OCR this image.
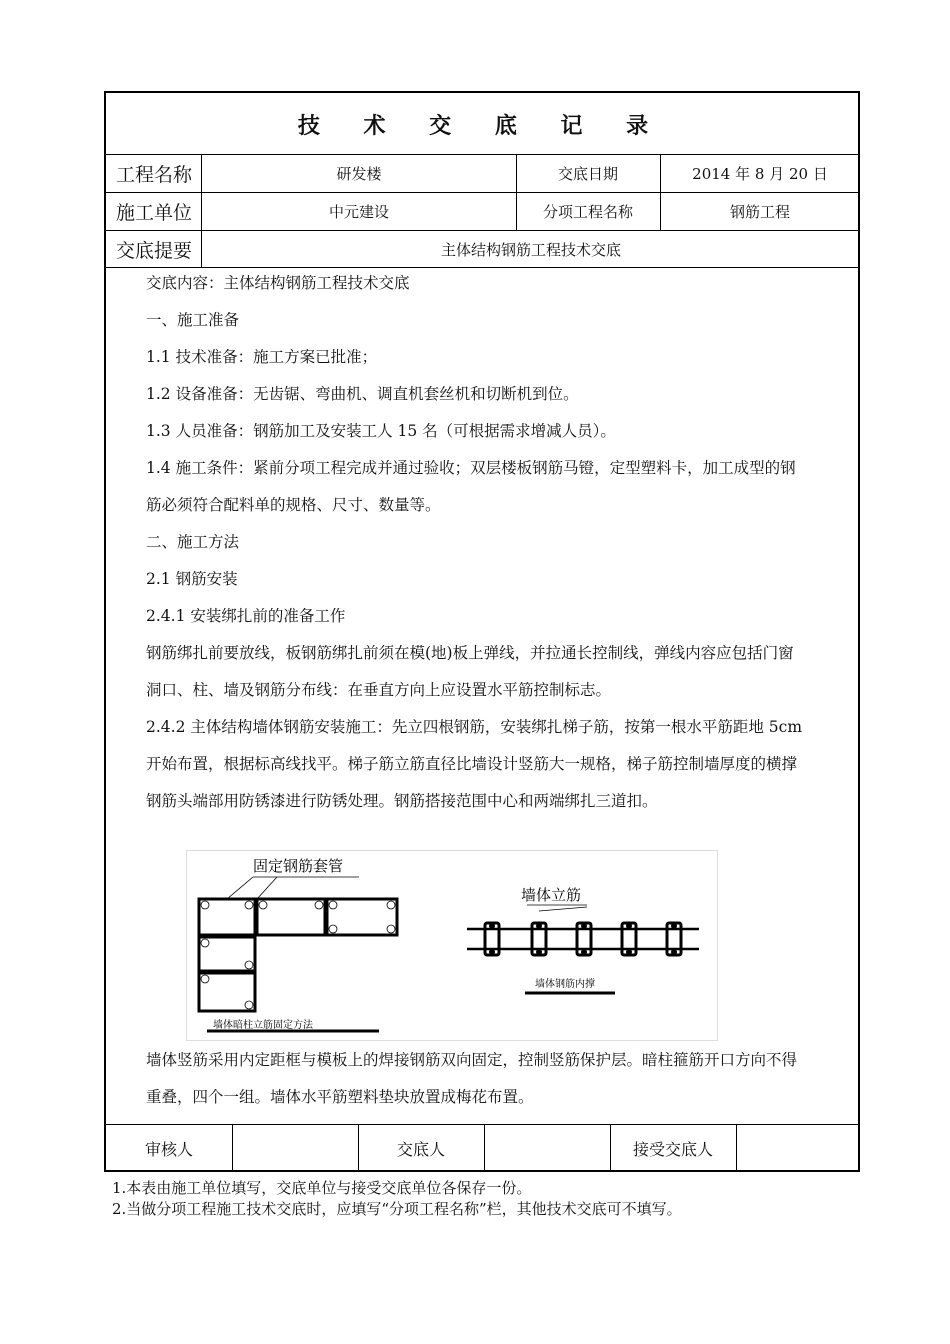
技 术 交 底 记 录
工程名称	研发楼	交底日期	2014 年 8 月 20 日
施工单位	中元建设	分项工程名称	钢筋工程
交底提要	主体结构钢筋工程技术交底

交底内容：主体结构钢筋工程技术交底

一、施工准备

1.1 技术准备：施工方案已批准；

1.2 设备准备：无齿锯、弯曲机、调直机套丝机和切断机到位。

1.3 人员准备：钢筋加工及安装工人 15 名（可根据需求增减人员）。

1.4 施工条件：紧前分项工程完成并通过验收；双层楼板钢筋马镫，定型塑料卡，加工成型的钢

筋必须符合配料单的规格、尺寸、数量等。

二、施工方法

2.1 钢筋安装

2.4.1 安装绑扎前的准备工作

钢筋绑扎前要放线，板钢筋绑扎前须在模(地)板上弹线，并拉通长控制线，弹线内容应包括门窗

洞口、柱、墙及钢筋分布线：在垂直方向上应设置水平筋控制标志。

2.4.2 主体结构墙体钢筋安装施工：先立四根钢筋，安装绑扎梯子筋，按第一根水平筋距地 5cm

开始布置，根据标高线找平。梯子筋立筋直径比墙设计竖筋大一规格，梯子筋控制墙厚度的横撑

钢筋头端部用防锈漆进行防锈处理。钢筋搭接范围中心和两端绑扎三道扣。

固定钢筋套管
墙体暗柱立筋固定方法
墙体立筋
墙体钢筋内撑

墙体竖筋采用内定距框与模板上的焊接钢筋双向固定，控制竖筋保护层。暗柱箍筋开口方向不得

重叠，四个一组。墙体水平筋塑料垫块放置成梅花布置。

审核人	交底人	接受交底人

1.本表由施工单位填写，交底单位与接受交底单位各保存一份。

2.当做分项工程施工技术交底时，应填写“分项工程名称”栏，其他技术交底可不填写。
